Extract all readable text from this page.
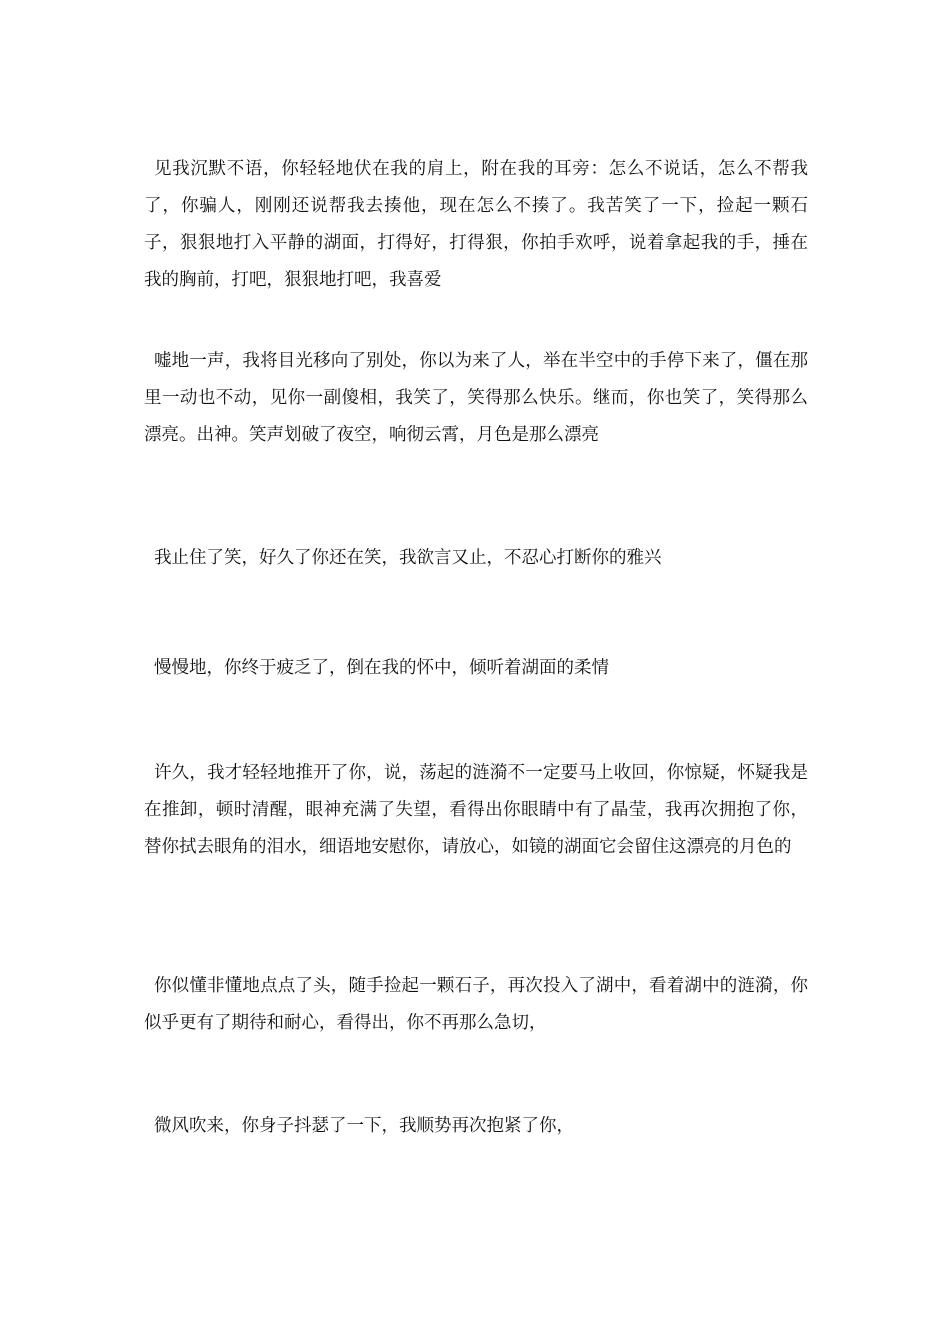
见我沉默不语，你轻轻地伏在我的肩上，附在我的耳旁：怎么不说话，怎么不帮我了，你骗人，刚刚还说帮我去揍他，现在怎么不揍了。我苦笑了一下，捡起一颗石子，狠狠地打入平静的湖面，打得好，打得狠，你拍手欢呼，说着拿起我的手，捶在我的胸前，打吧，狠狠地打吧，我喜爱

嘘地一声，我将目光移向了别处，你以为来了人，举在半空中的手停下来了，僵在那里一动也不动，见你一副傻相，我笑了，笑得那么快乐。继而，你也笑了，笑得那么漂亮。出神。笑声划破了夜空，响彻云霄，月色是那么漂亮

我止住了笑，好久了你还在笑，我欲言又止，不忍心打断你的雅兴

慢慢地，你终于疲乏了，倒在我的怀中，倾听着湖面的柔情

许久，我才轻轻地推开了你，说，荡起的涟漪不一定要马上收回，你惊疑，怀疑我是在推卸，顿时清醒，眼神充满了失望，看得出你眼睛中有了晶莹，我再次拥抱了你，替你拭去眼角的泪水，细语地安慰你，请放心，如镜的湖面它会留住这漂亮的月色的

你似懂非懂地点点了头，随手捡起一颗石子，再次投入了湖中，看着湖中的涟漪，你似乎更有了期待和耐心，看得出，你不再那么急切，

微风吹来，你身子抖瑟了一下，我顺势再次抱紧了你，
